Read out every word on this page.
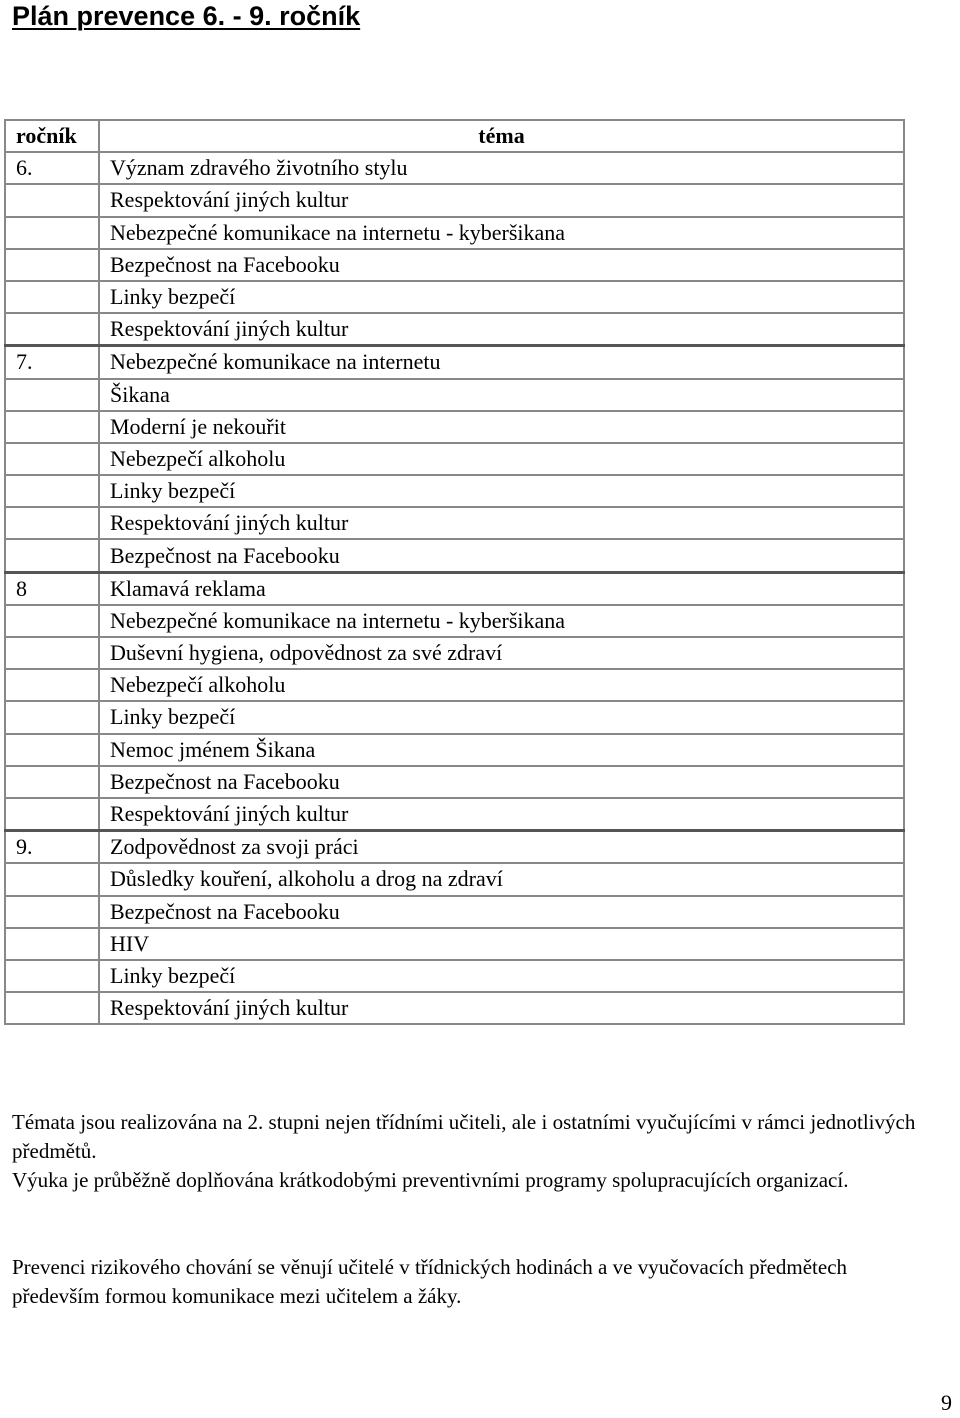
Plán prevence 6. - 9. ročník
ročník	téma
6.	Význam zdravého životního stylu
	Respektování jiných kultur
	Nebezpečné komunikace na internetu - kyberšikana
	Bezpečnost na Facebooku
	Linky bezpečí
	Respektování jiných kultur
7.	Nebezpečné komunikace na internetu
	Šikana
	Moderní je nekouřit
	Nebezpečí alkoholu
	Linky bezpečí
	Respektování jiných kultur
	Bezpečnost na Facebooku
8	Klamavá reklama
	Nebezpečné komunikace na internetu - kyberšikana
	Duševní hygiena, odpovědnost za své zdraví
	Nebezpečí alkoholu
	Linky bezpečí
	Nemoc jménem Šikana
	Bezpečnost na Facebooku
	Respektování jiných kultur
9.	Zodpovědnost za svoji práci
	Důsledky kouření, alkoholu a drog na zdraví
	Bezpečnost na Facebooku
	HIV
	Linky bezpečí
	Respektování jiných kultur

Témata jsou realizována na 2. stupni nejen třídními učiteli, ale i ostatními vyučujícími v rámci jednotlivých předmětů.

Výuka je průběžně doplňována krátkodobými preventivními programy spolupracujících organizací.

Prevenci rizikového chování se věnují učitelé v třídnických hodinách a ve vyučovacích předmětech především formou komunikace mezi učitelem a žáky.

9
